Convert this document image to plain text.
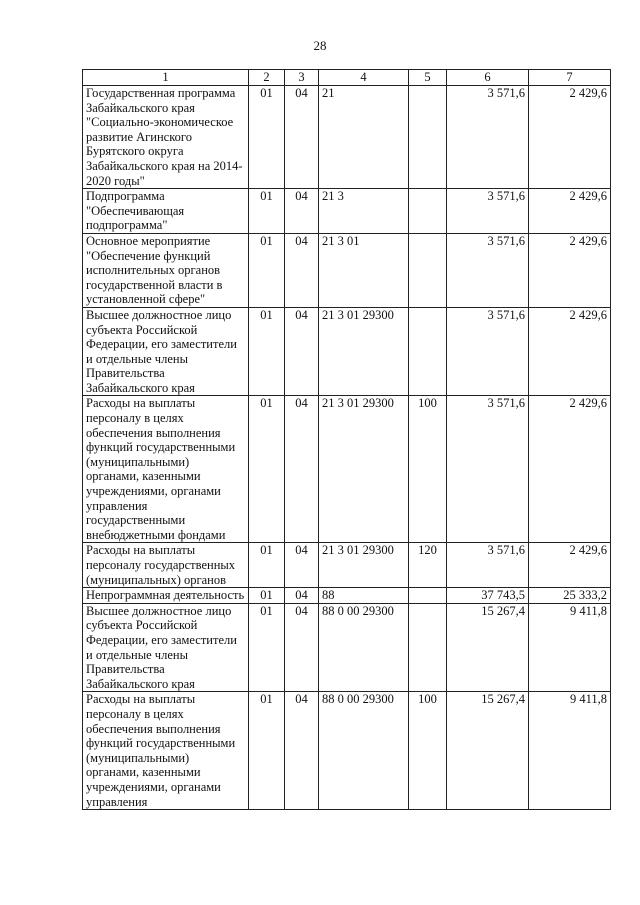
28
1	2	3	4	5	6	7
Государственная программа Забайкальского края "Социально-экономическое развитие Агинского Бурятского округа Забайкальского края на 2014-2020 годы"	01	04	21		3 571,6	2 429,6
Подпрограмма "Обеспечивающая подпрограмма"	01	04	21 3		3 571,6	2 429,6
Основное мероприятие "Обеспечение функций исполнительных органов государственной власти в установленной сфере"	01	04	21 3 01		3 571,6	2 429,6
Высшее должностное лицо субъекта Российской Федерации, его заместители и отдельные члены Правительства Забайкальского края	01	04	21 3 01 29300		3 571,6	2 429,6
Расходы на выплаты персоналу в целях обеспечения выполнения функций государственными (муниципальными) органами, казенными учреждениями, органами управления государственными внебюджетными фондами	01	04	21 3 01 29300	100	3 571,6	2 429,6
Расходы на выплаты персоналу государственных (муниципальных) органов	01	04	21 3 01 29300	120	3 571,6	2 429,6
Непрограммная деятельность	01	04	88		37 743,5	25 333,2
Высшее должностное лицо субъекта Российской Федерации, его заместители и отдельные члены Правительства Забайкальского края	01	04	88 0 00 29300		15 267,4	9 411,8
Расходы на выплаты персоналу в целях обеспечения выполнения функций государственными (муниципальными) органами, казенными учреждениями, органами управления	01	04	88 0 00 29300	100	15 267,4	9 411,8
